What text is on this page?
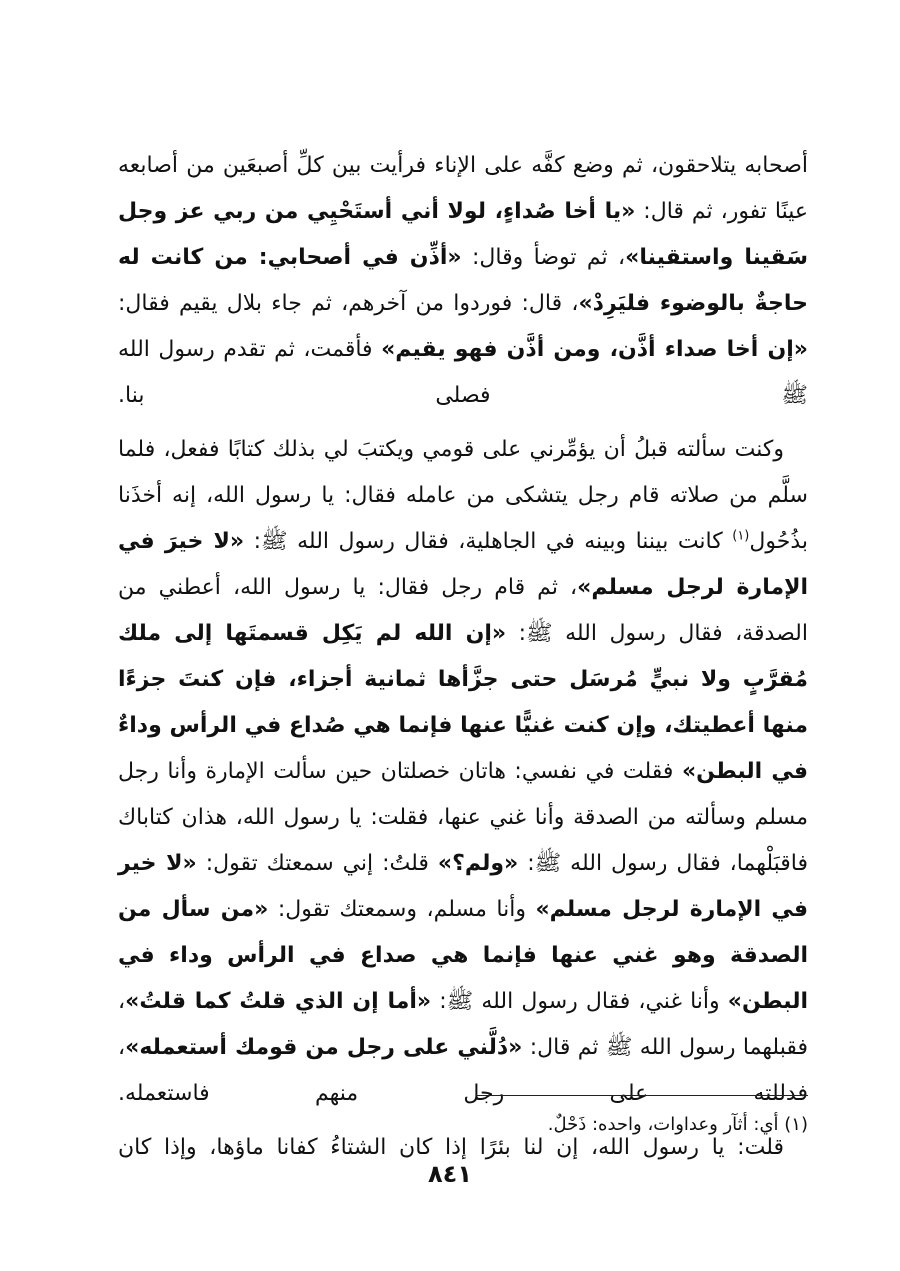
أصحابه يتلاحقون، ثم وضع كفَّه على الإناء فرأيت بين كلِّ أصبعَين من أصابعه عينًا تفور، ثم قال: «يا أخا صُداءٍ، لولا أني أستَحْيِي من ربي عز وجل سَقينا واستقينا»، ثم توضأ وقال: «أذِّن في أصحابي: من كانت له حاجةٌ بالوضوء فليَرِدْ»، قال: فوردوا من آخرهم، ثم جاء بلال يقيم فقال: «إن أخا صداء أذَّن، ومن أذَّن فهو يقيم» فأقمت، ثم تقدم رسول الله ﷺ فصلى بنا.

وكنت سألته قبلُ أن يؤمِّرني على قومي ويكتبَ لي بذلك كتابًا ففعل، فلما سلَّم من صلاته قام رجل يتشكى من عامله فقال: يا رسول الله، إنه أخذَنا بذُحُول$^{(١)}$ كانت بيننا وبينه في الجاهلية، فقال رسول الله ﷺ: «لا خيرَ في الإمارة لرجل مسلم»، ثم قام رجل فقال: يا رسول الله، أعطني من الصدقة، فقال رسول الله ﷺ: «إن الله لم يَكِل قسمتَها إلى ملك مُقرَّبٍ ولا نبيٍّ مُرسَل حتى جزَّأها ثمانية أجزاء، فإن كنتَ جزءًا منها أعطيتك، وإن كنت غنيًّا عنها فإنما هي صُداع في الرأس وداءٌ في البطن» فقلت في نفسي: هاتان خصلتان حين سألت الإمارة وأنا رجل مسلم وسألته من الصدقة وأنا غني عنها، فقلت: يا رسول الله، هذان كتاباك فاقبَلْهما، فقال رسول الله ﷺ: «ولم؟» قلتُ: إني سمعتك تقول: «لا خير في الإمارة لرجل مسلم» وأنا مسلم، وسمعتك تقول: «من سأل من الصدقة وهو غني عنها فإنما هي صداع في الرأس وداء في البطن» وأنا غني، فقال رسول الله ﷺ: «أما إن الذي قلتُ كما قلتُ»، فقبلهما رسول الله ﷺ ثم قال: «دُلَّني على رجل من قومك أستعمله»، فدللته على رجل منهم فاستعمله.

قلت: يا رسول الله، إن لنا بئرًا إذا كان الشتاءُ كفانا ماؤها، وإذا كان

(١) أي: أثآر وعداوات، واحده: ذَحْلٌ.
٨٤١
